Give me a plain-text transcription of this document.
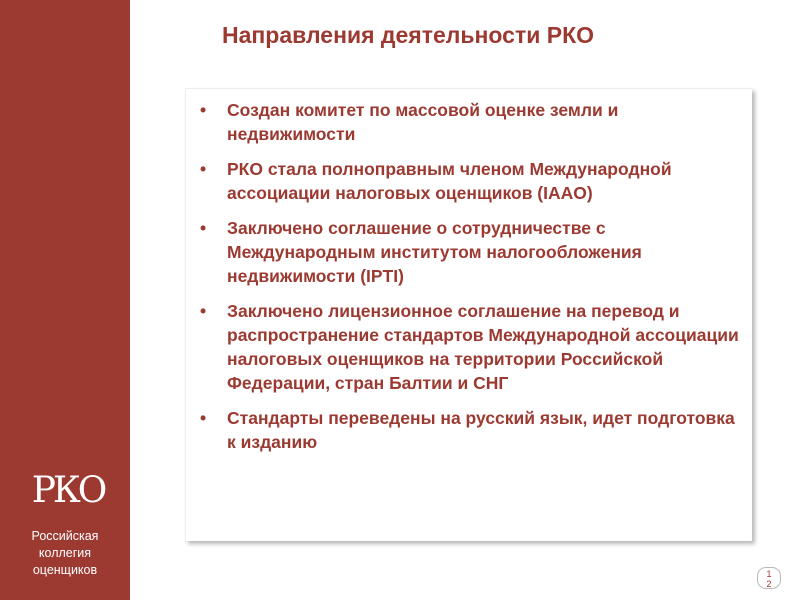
Направления деятельности РКО
• Создан комитет по массовой оценке земли и недвижимости
• РКО стала полноправным членом Международной ассоциации налоговых оценщиков (IAAO)
• Заключено соглашение о сотрудничестве с Международным институтом налогообложения недвижимости (IPTI)
• Заключено лицензионное соглашение на перевод и распространение стандартов Международной ассоциации налоговых оценщиков на территории Российской Федерации, стран Балтии и СНГ
• Стандарты переведены на русский язык, идет подготовка к изданию
РКО
Российская коллегия
оценщиков	1
2
